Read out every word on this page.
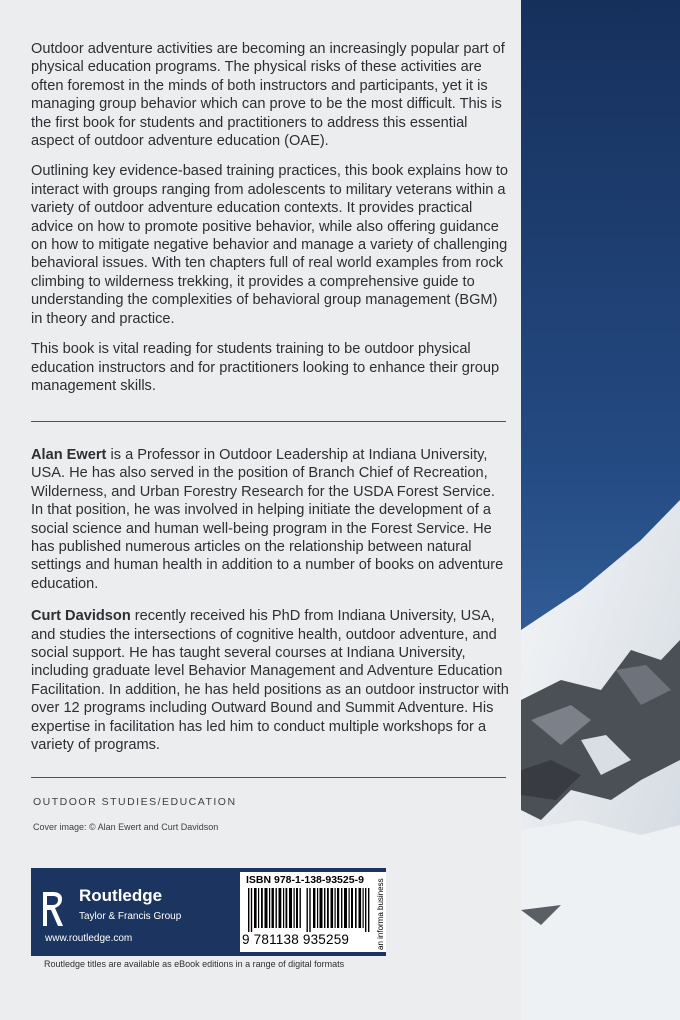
Outdoor adventure activities are becoming an increasingly popular part of physical education programs. The physical risks of these activities are often foremost in the minds of both instructors and participants, yet it is managing group behavior which can prove to be the most difficult. This is the first book for students and practitioners to address this essential aspect of outdoor adventure education (OAE).

Outlining key evidence-based training practices, this book explains how to interact with groups ranging from adolescents to military veterans within a variety of outdoor adventure education contexts. It provides practical advice on how to promote positive behavior, while also offering guidance on how to mitigate negative behavior and manage a variety of challenging behavioral issues. With ten chapters full of real world examples from rock climbing to wilderness trekking, it provides a comprehensive guide to understanding the complexities of behavioral group management (BGM) in theory and practice.

This book is vital reading for students training to be outdoor physical education instructors and for practitioners looking to enhance their group management skills.

Alan Ewert is a Professor in Outdoor Leadership at Indiana University, USA. He has also served in the position of Branch Chief of Recreation, Wilderness, and Urban Forestry Research for the USDA Forest Service. In that position, he was involved in helping initiate the development of a social science and human well-being program in the Forest Service. He has published numerous articles on the relationship between natural settings and human health in addition to a number of books on adventure education.

Curt Davidson recently received his PhD from Indiana University, USA, and studies the intersections of cognitive health, outdoor adventure, and social support. He has taught several courses at Indiana University, including graduate level Behavior Management and Adventure Education Facilitation. In addition, he has held positions as an outdoor instructor with over 12 programs including Outward Bound and Summit Adventure. His expertise in facilitation has led him to conduct multiple workshops for a variety of programs.

OUTDOOR STUDIES/EDUCATION
Cover image: © Alan Ewert and Curt Davidson
Routledge
Taylor & Francis Group
www.routledge.com
ISBN 978-1-138-93525-9
9 781138 935259	an informa business
Routledge titles are available as eBook editions in a range of digital formats
